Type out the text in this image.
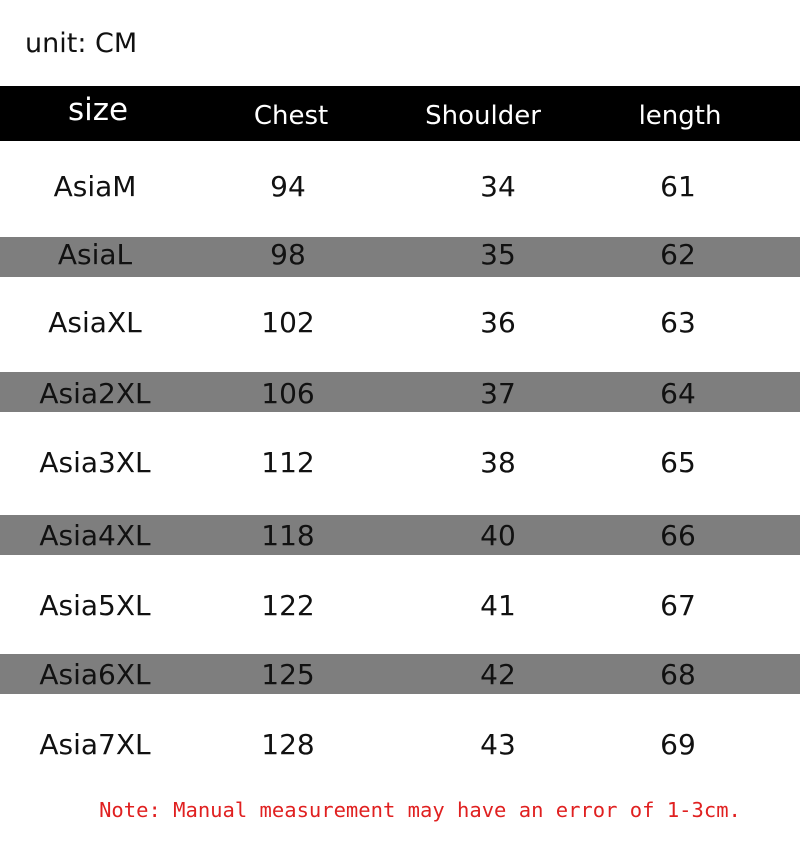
unit: CM
size	Chest	Shoulder	length
AsiaM	94	34	61
AsiaL	98	35	62
AsiaXL	102	36	63
Asia2XL	106	37	64
Asia3XL	112	38	65
Asia4XL	118	40	66
Asia5XL	122	41	67
Asia6XL	125	42	68
Asia7XL	128	43	69
Note: Manual measurement may have an error of 1-3cm.
